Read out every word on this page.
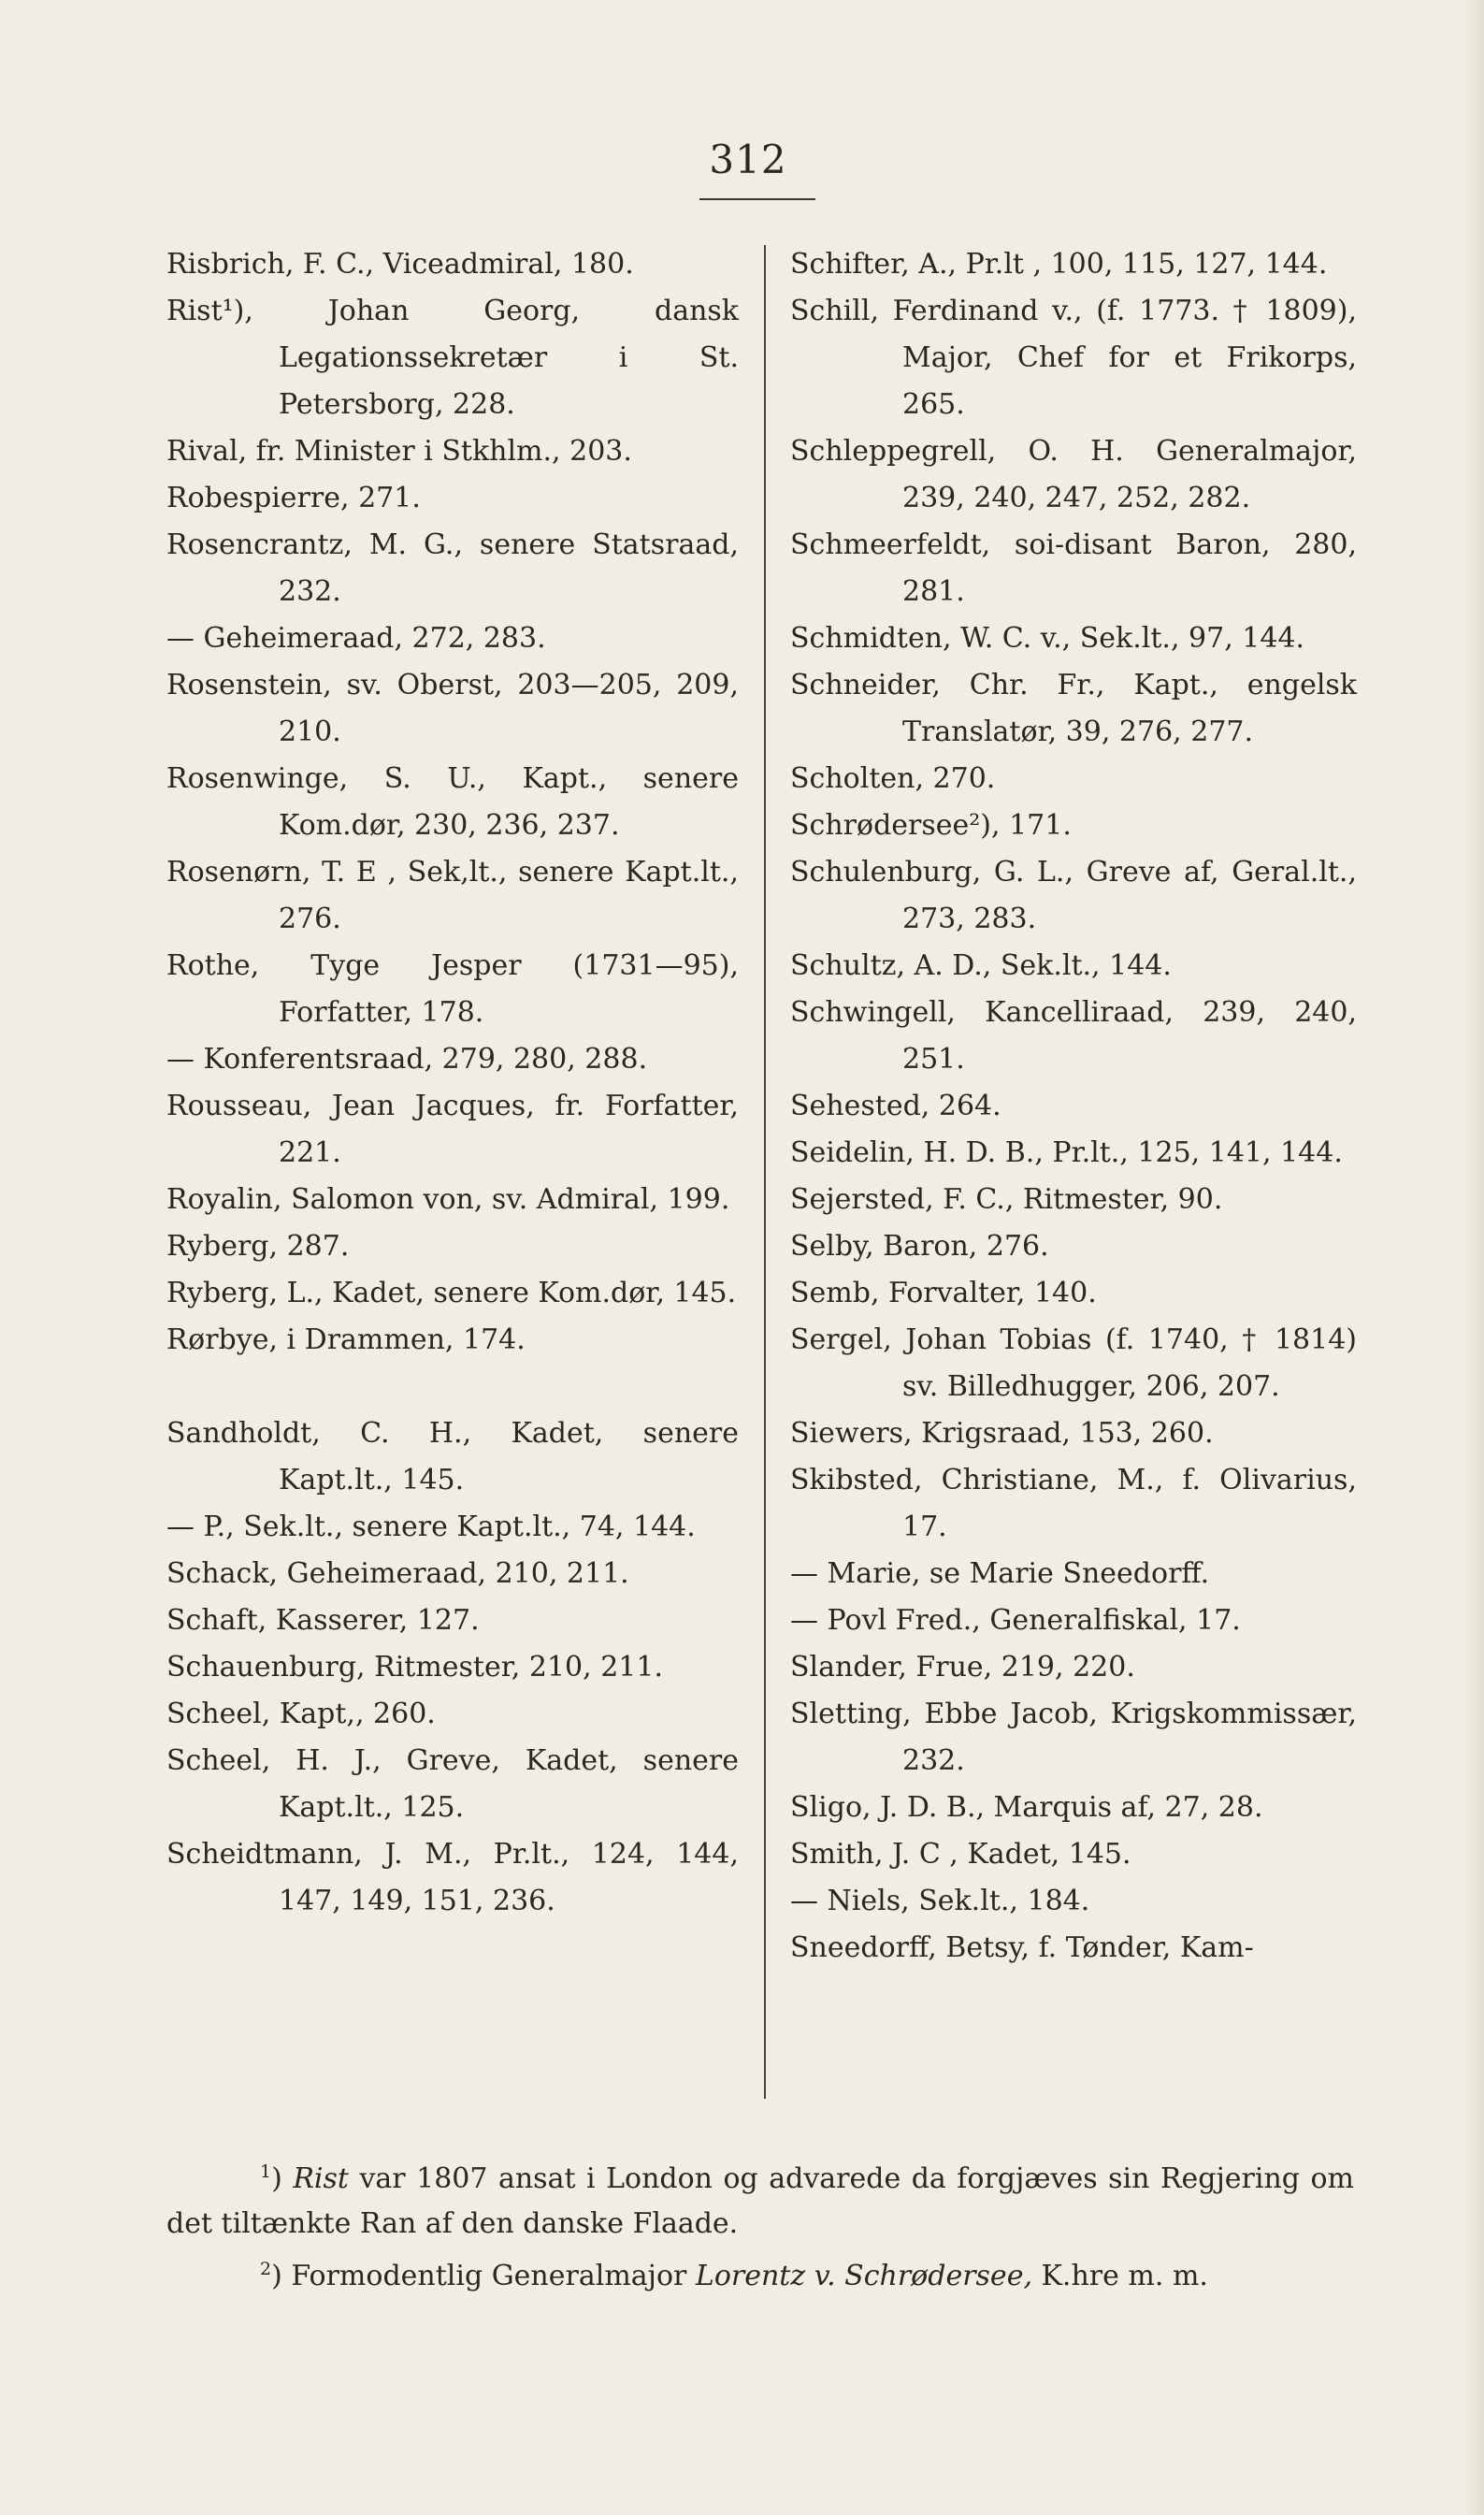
312

Risbrich, F. C., Viceadmiral, 180.

Rist¹), Johan Georg, dansk Legationssekretær i St. Petersborg, 228.

Rival, fr. Minister i Stkhlm., 203.

Robespierre, 271.

Rosencrantz, M. G., senere Statsraad, 232.

— Geheimeraad, 272, 283.

Rosenstein, sv. Oberst, 203—205, 209, 210.

Rosenwinge, S. U., Kapt., senere Kom.dør, 230, 236, 237.

Rosenørn, T. E , Sek,lt., senere Kapt.lt., 276.

Rothe, Tyge Jesper (1731—95), Forfatter, 178.

— Konferentsraad, 279, 280, 288.

Rousseau, Jean Jacques, fr. Forfatter, 221.

Royalin, Salomon von, sv. Admiral, 199.

Ryberg, 287.

Ryberg, L., Kadet, senere Kom.dør, 145.

Rørbye, i Drammen, 174.

Sandholdt, C. H., Kadet, senere Kapt.lt., 145.

— P., Sek.lt., senere Kapt.lt., 74, 144.

Schack, Geheimeraad, 210, 211.

Schaft, Kasserer, 127.

Schauenburg, Ritmester, 210, 211.

Scheel, Kapt,, 260.

Scheel, H. J., Greve, Kadet, senere Kapt.lt., 125.

Scheidtmann, J. M., Pr.lt., 124, 144, 147, 149, 151, 236.

Schifter, A., Pr.lt , 100, 115, 127, 144.

Schill, Ferdinand v., (f. 1773. † 1809), Major, Chef for et Frikorps, 265.

Schleppegrell, O. H. Generalmajor, 239, 240, 247, 252, 282.

Schmeerfeldt, soi-disant Baron, 280, 281.

Schmidten, W. C. v., Sek.lt., 97, 144.

Schneider, Chr. Fr., Kapt., engelsk Translatør, 39, 276, 277.

Scholten, 270.

Schrødersee²), 171.

Schulenburg, G. L., Greve af, Geral.lt., 273, 283.

Schultz, A. D., Sek.lt., 144.

Schwingell, Kancelliraad, 239, 240, 251.

Sehested, 264.

Seidelin, H. D. B., Pr.lt., 125, 141, 144.

Sejersted, F. C., Ritmester, 90.

Selby, Baron, 276.

Semb, Forvalter, 140.

Sergel, Johan Tobias (f. 1740, † 1814) sv. Billedhugger, 206, 207.

Siewers, Krigsraad, 153, 260.

Skibsted, Christiane, M., f. Olivarius, 17.

— Marie, se Marie Sneedorff.

— Povl Fred., Generalfiskal, 17.

Slander, Frue, 219, 220.

Sletting, Ebbe Jacob, Krigskommissær, 232.

Sligo, J. D. B., Marquis af, 27, 28.

Smith, J. C , Kadet, 145.

— Niels, Sek.lt., 184.

Sneedorff, Betsy, f. Tønder, Kam-

$^1$) Rist var 1807 ansat i London og advarede da forgjæves sin Regjering om det tiltænkte Ran af den danske Flaade.

$^2$) Formodentlig Generalmajor Lorentz v. Schrødersee, K.hre m. m.
